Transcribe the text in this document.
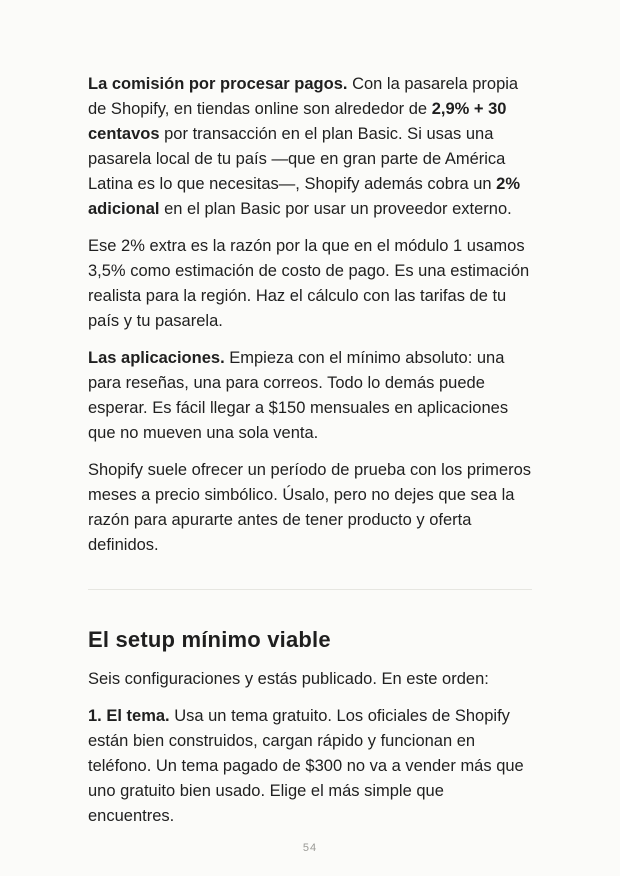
La comisión por procesar pagos. Con la pasarela propia de Shopify, en tiendas online son alrededor de 2,9% + 30 centavos por transacción en el plan Basic. Si usas una pasarela local de tu país —que en gran parte de América Latina es lo que necesitas—, Shopify además cobra un 2% adicional en el plan Basic por usar un proveedor externo.

Ese 2% extra es la razón por la que en el módulo 1 usamos 3,5% como estimación de costo de pago. Es una estimación realista para la región. Haz el cálculo con las tarifas de tu país y tu pasarela.

Las aplicaciones. Empieza con el mínimo absoluto: una para reseñas, una para correos. Todo lo demás puede esperar. Es fácil llegar a $150 mensuales en aplicaciones que no mueven una sola venta.

Shopify suele ofrecer un período de prueba con los primeros meses a precio simbólico. Úsalo, pero no dejes que sea la razón para apurarte antes de tener producto y oferta definidos.

El setup mínimo viable

Seis configuraciones y estás publicado. En este orden:

1. El tema. Usa un tema gratuito. Los oficiales de Shopify están bien construidos, cargan rápido y funcionan en teléfono. Un tema pagado de $300 no va a vender más que uno gratuito bien usado. Elige el más simple que encuentres.

54
